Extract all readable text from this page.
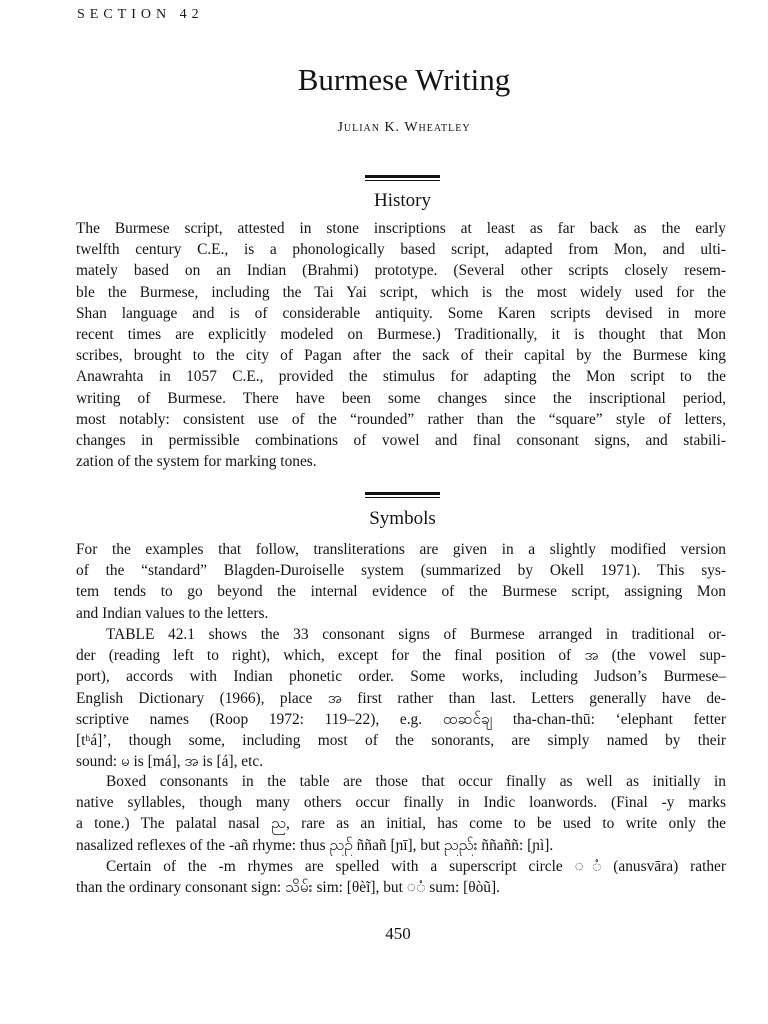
SECTION 42
Burmese Writing
Julian K. Wheatley
History
The Burmese script, attested in stone inscriptions at least as far back as the early
twelfth century C.E., is a phonologically based script, adapted from Mon, and ulti-
mately based on an Indian (Brahmi) prototype. (Several other scripts closely resem-
ble the Burmese, including the Tai Yai script, which is the most widely used for the
Shan language and is of considerable antiquity. Some Karen scripts devised in more
recent times are explicitly modeled on Burmese.) Traditionally, it is thought that Mon
scribes, brought to the city of Pagan after the sack of their capital by the Burmese king
Anawrahta in 1057 C.E., provided the stimulus for adapting the Mon script to the
writing of Burmese. There have been some changes since the inscriptional period,
most notably: consistent use of the “rounded” rather than the “square” style of letters,
changes in permissible combinations of vowel and final consonant signs, and stabili-
zation of the system for marking tones.
Symbols
For the examples that follow, transliterations are given in a slightly modified version
of the “standard” Blagden-Duroiselle system (summarized by Okell 1971). This sys-
tem tends to go beyond the internal evidence of the Burmese script, assigning Mon
and Indian values to the letters.
TABLE 42.1 shows the 33 consonant signs of Burmese arranged in traditional or-
der (reading left to right), which, except for the final position of အ (the vowel sup-
port), accords with Indian phonetic order. Some works, including Judson’s Burmese–
English Dictionary (1966), place အ first rather than last. Letters generally have de-
scriptive names (Roop 1972: 119–22), e.g. ထဆင်ချ thа-chan-thū: ‘elephant fetter
[tʰá]’, though some, including most of the sonorants, are simply named by their
sound: မ is [má], အ is [á], etc.
Boxed consonants in the table are those that occur finally as well as initially in
native syllables, though many others occur finally in Indic loanwords. (Final -y marks
a tone.) The palatal nasal ည, rare as an initial, has come to be used to write only the
nasalized reflexes of the -añ rhyme: thus ညဉ် ññañ [ɲī], but ညည်း ññaññ: [ɲì].
Certain of the -m rhymes are spelled with a superscript circle ◌ံ (anusvāra) rather
than the ordinary consonant sign: သိမ်း sim: [θèĩ], but ◌ံ sum: [θòũ].
450
